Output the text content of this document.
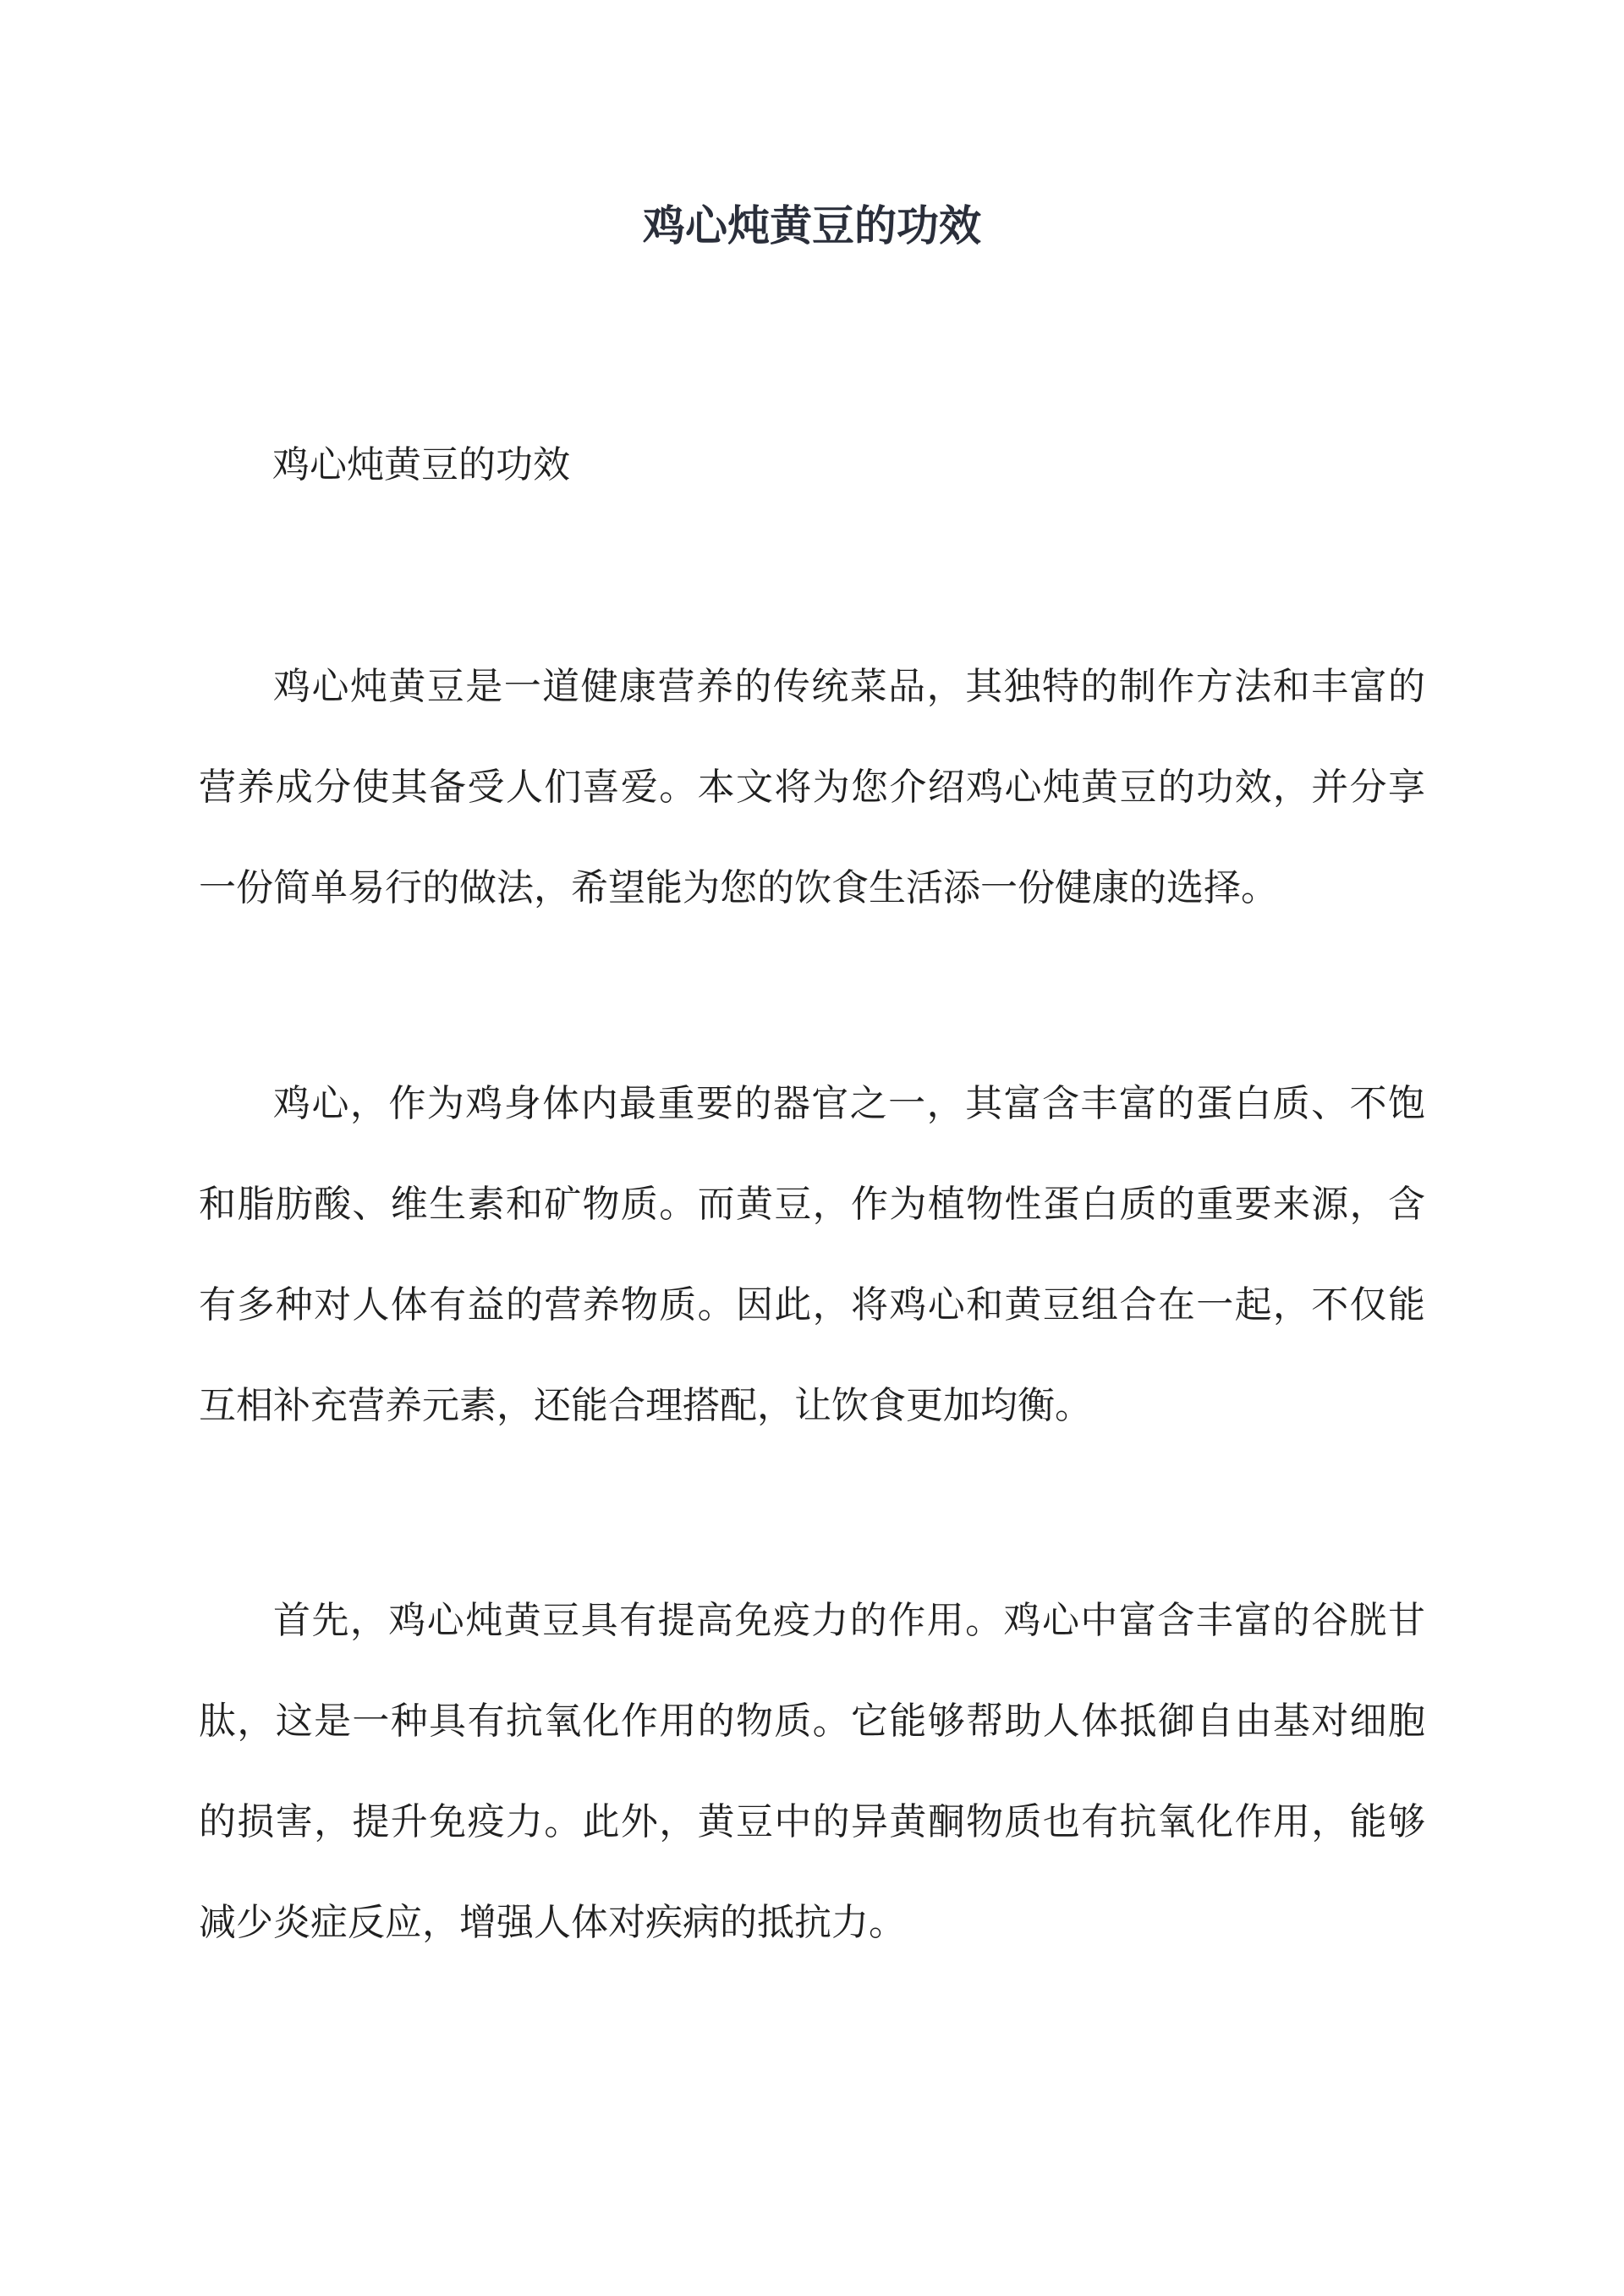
鸡心炖黄豆的功效

鸡心炖黄豆的功效

鸡心炖黄豆是一道健康营养的传统菜品，其独特的制作方法和丰富的营养成分使其备受人们喜爱。本文将为您介绍鸡心炖黄豆的功效，并分享一份简单易行的做法，希望能为您的饮食生活添一份健康的选择。

鸡心，作为鸡身体内最重要的器官之一，其富含丰富的蛋白质、不饱和脂肪酸、维生素和矿物质。而黄豆，作为植物性蛋白质的重要来源，含有多种对人体有益的营养物质。因此，将鸡心和黄豆组合在一起，不仅能互相补充营养元素，还能合理搭配，让饮食更加均衡。

首先，鸡心炖黄豆具有提高免疫力的作用。鸡心中富含丰富的谷胱甘肽，这是一种具有抗氧化作用的物质。它能够帮助人体抵御自由基对细胞的损害，提升免疫力。此外，黄豆中的异黄酮物质也有抗氧化作用，能够减少炎症反应，增强人体对疾病的抵抗力。
